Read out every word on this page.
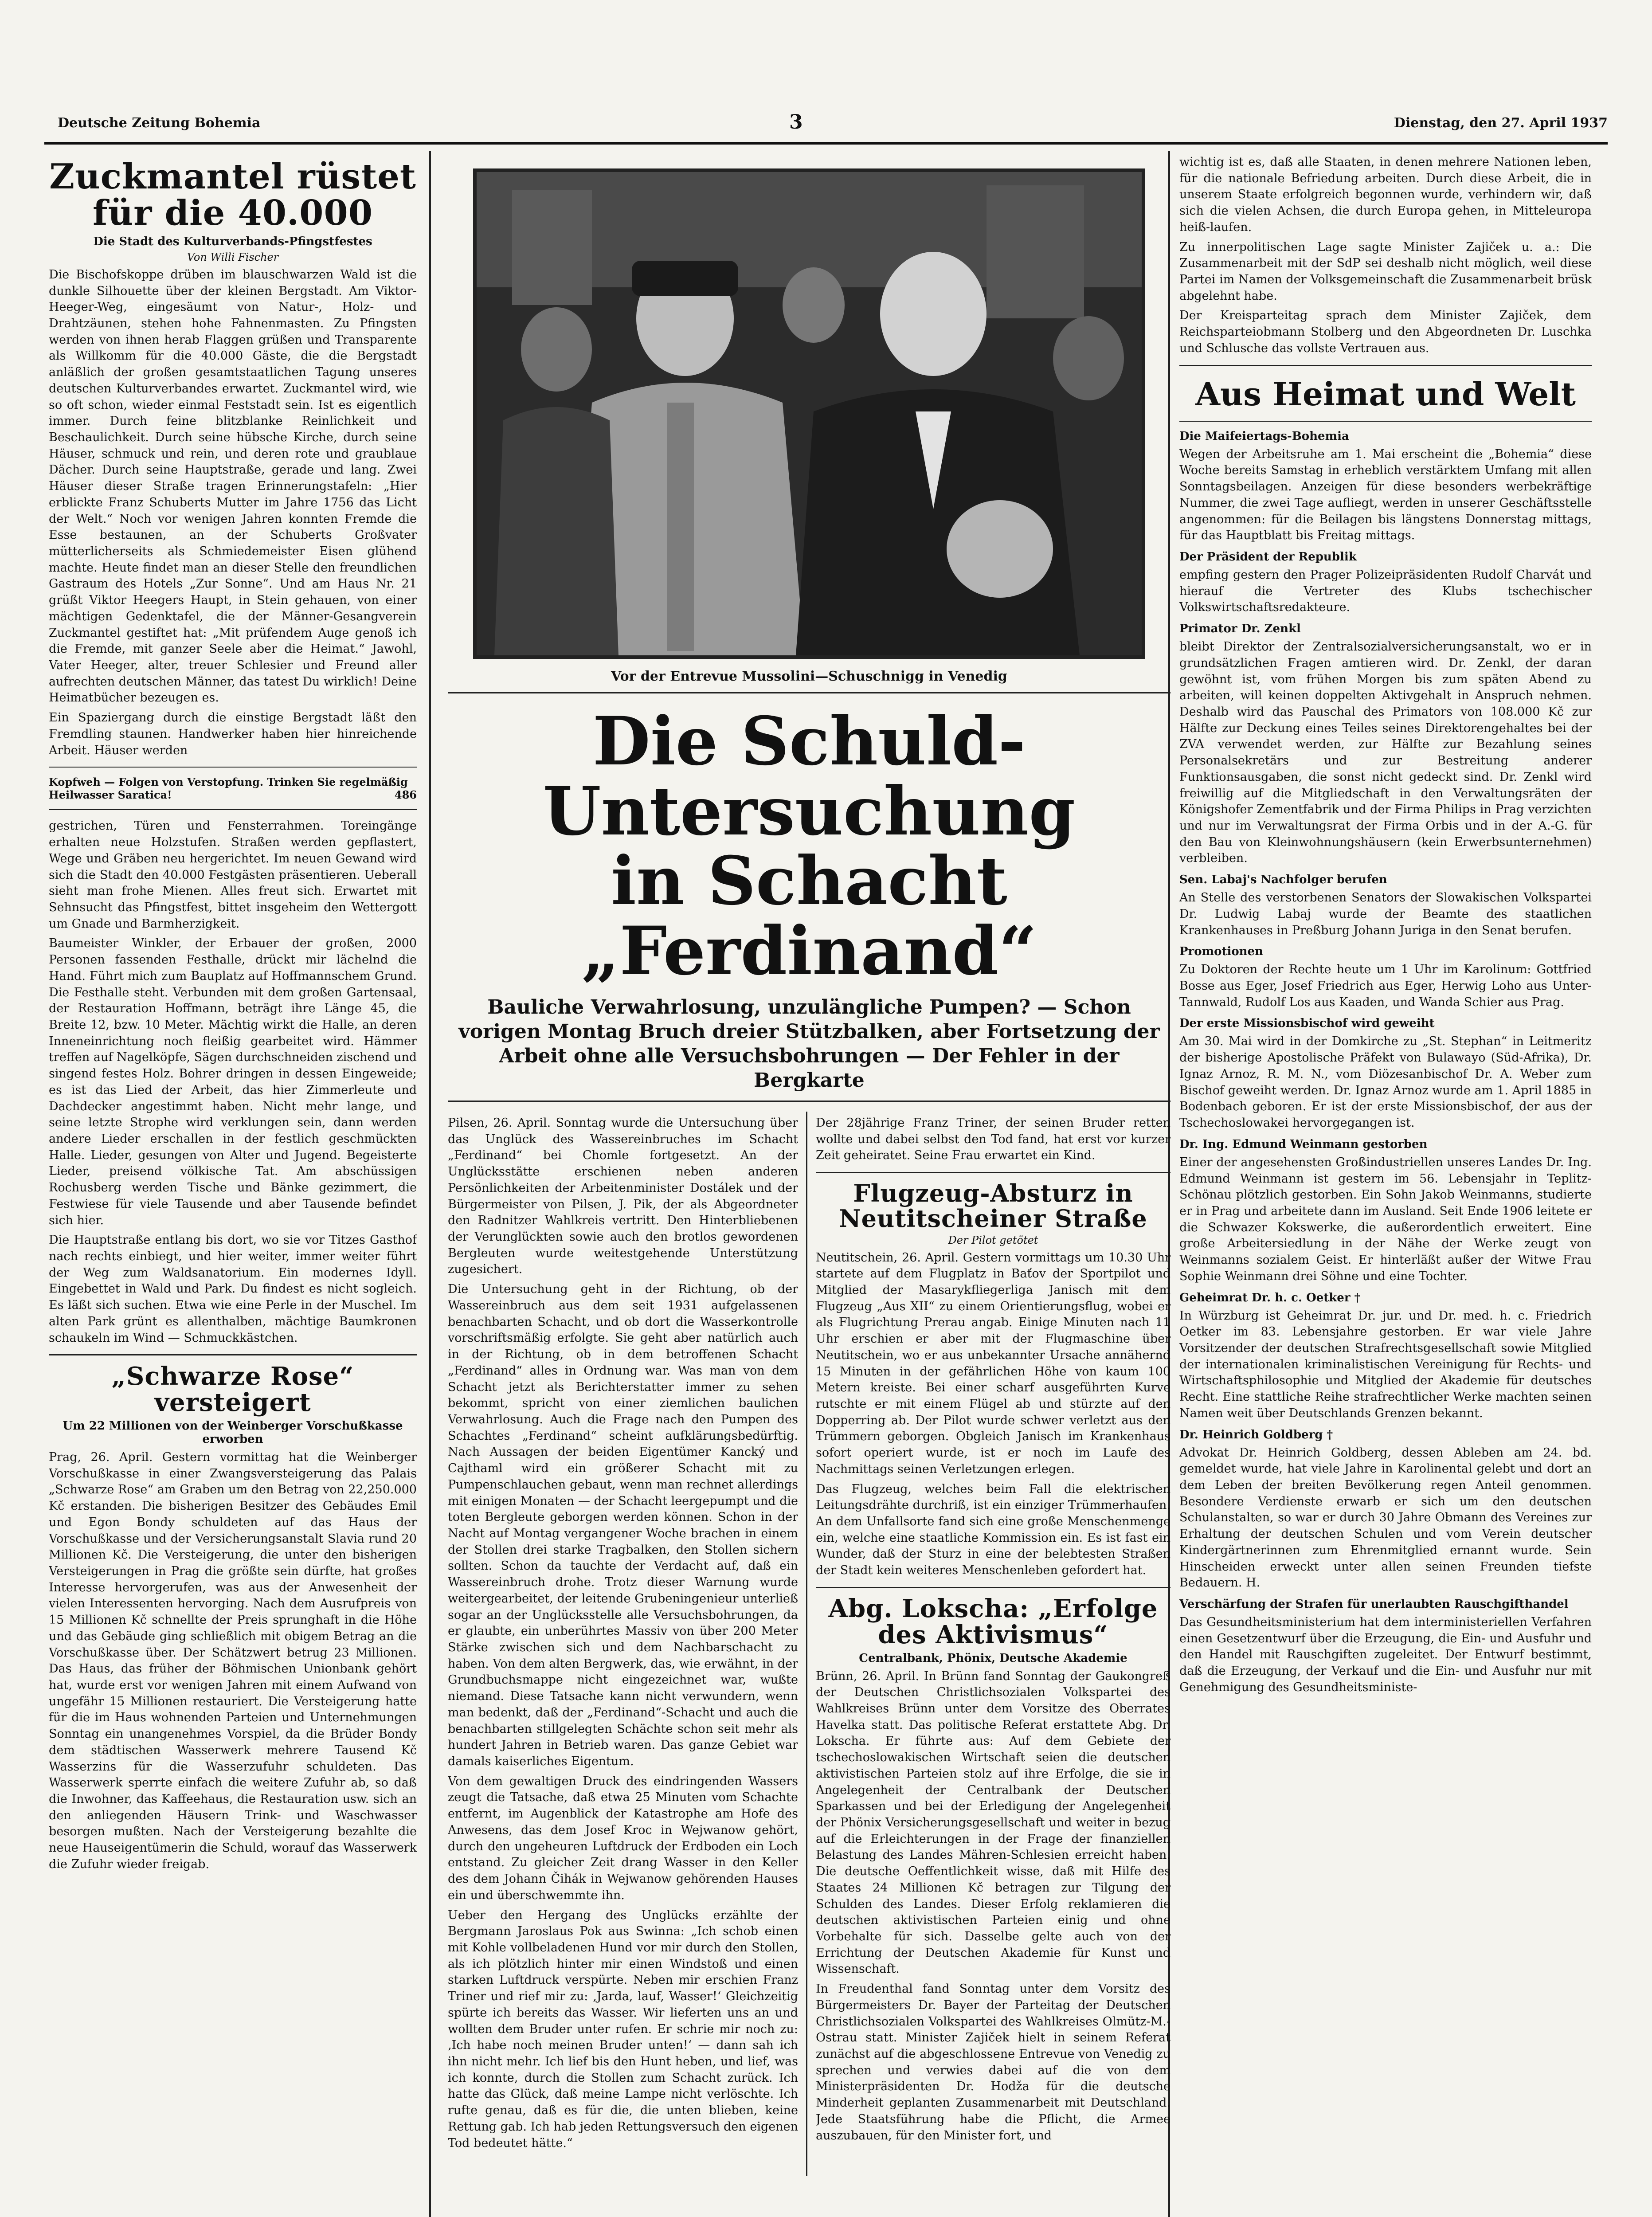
Deutsche Zeitung Bohemia	3	Dienstag, den 27. April 1937
Zuckmantel rüstet für die 40.000
Die Stadt des Kulturverbands-Pfingstfestes
Von Willi Fischer

Die Bischofskoppe drüben im blauschwarzen Wald ist die dunkle Silhouette über der kleinen Bergstadt. Am Viktor-Heeger-Weg, eingesäumt von Natur-, Holz- und Drahtzäunen, stehen hohe Fahnenmasten. Zu Pfingsten werden von ihnen herab Flaggen grüßen und Transparente als Willkomm für die 40.000 Gäste, die die Bergstadt anläßlich der großen gesamtstaatlichen Tagung unseres deutschen Kulturverbandes erwartet. Zuckmantel wird, wie so oft schon, wieder einmal Feststadt sein. Ist es eigentlich immer. Durch feine blitzblanke Reinlichkeit und Beschaulichkeit. Durch seine hübsche Kirche, durch seine Häuser, schmuck und rein, und deren rote und graublaue Dächer. Durch seine Hauptstraße, gerade und lang. Zwei Häuser dieser Straße tragen Erinnerungstafeln: „Hier erblickte Franz Schuberts Mutter im Jahre 1756 das Licht der Welt.“ Noch vor wenigen Jahren konnten Fremde die Esse bestaunen, an der Schuberts Großvater mütterlicherseits als Schmiedemeister Eisen glühend machte. Heute findet man an dieser Stelle den freundlichen Gastraum des Hotels „Zur Sonne“. Und am Haus Nr. 21 grüßt Viktor Heegers Haupt, in Stein gehauen, von einer mächtigen Gedenktafel, die der Männer-Gesangverein Zuckmantel gestiftet hat: „Mit prüfendem Auge genoß ich die Fremde, mit ganzer Seele aber die Heimat.“ Jawohl, Vater Heeger, alter, treuer Schlesier und Freund aller aufrechten deutschen Männer, das tatest Du wirklich! Deine Heimatbücher bezeugen es.

Ein Spaziergang durch die einstige Bergstadt läßt den Fremdling staunen. Handwerker haben hier hinreichende Arbeit. Häuser werden

Kopfweh — Folgen von Verstopfung. Trinken Sie regelmäßig Heilwasser Saratica!	486

gestrichen, Türen und Fensterrahmen. Toreingänge erhalten neue Holzstufen. Straßen werden gepflastert, Wege und Gräben neu hergerichtet. Im neuen Gewand wird sich die Stadt den 40.000 Festgästen präsentieren. Ueberall sieht man frohe Mienen. Alles freut sich. Erwartet mit Sehnsucht das Pfingstfest, bittet insgeheim den Wettergott um Gnade und Barmherzigkeit.

Baumeister Winkler, der Erbauer der großen, 2000 Personen fassenden Festhalle, drückt mir lächelnd die Hand. Führt mich zum Bauplatz auf Hoffmannschem Grund. Die Festhalle steht. Verbunden mit dem großen Gartensaal, der Restauration Hoffmann, beträgt ihre Länge 45, die Breite 12, bzw. 10 Meter. Mächtig wirkt die Halle, an deren Inneneinrichtung noch fleißig gearbeitet wird. Hämmer treffen auf Nagelköpfe, Sägen durchschneiden zischend und singend festes Holz. Bohrer dringen in dessen Eingeweide; es ist das Lied der Arbeit, das hier Zimmerleute und Dachdecker angestimmt haben. Nicht mehr lange, und seine letzte Strophe wird verklungen sein, dann werden andere Lieder erschallen in der festlich geschmückten Halle. Lieder, gesungen von Alter und Jugend. Begeisterte Lieder, preisend völkische Tat. Am abschüssigen Rochusberg werden Tische und Bänke gezimmert, die Festwiese für viele Tausende und aber Tausende befindet sich hier.

Die Hauptstraße entlang bis dort, wo sie vor Titzes Gasthof nach rechts einbiegt, und hier weiter, immer weiter führt der Weg zum Waldsanatorium. Ein modernes Idyll. Eingebettet in Wald und Park. Du findest es nicht sogleich. Es läßt sich suchen. Etwa wie eine Perle in der Muschel. Im alten Park grünt es allenthalben, mächtige Baumkronen schaukeln im Wind — Schmuckkästchen.

„Schwarze Rose“ versteigert
Um 22 Millionen von der Weinberger Vorschußkasse erworben

Prag, 26. April. Gestern vormittag hat die Weinberger Vorschußkasse in einer Zwangsversteigerung das Palais „Schwarze Rose“ am Graben um den Betrag von 22,250.000 Kč erstanden. Die bisherigen Besitzer des Gebäudes Emil und Egon Bondy schuldeten auf das Haus der Vorschußkasse und der Versicherungsanstalt Slavia rund 20 Millionen Kč. Die Versteigerung, die unter den bisherigen Versteigerungen in Prag die größte sein dürfte, hat großes Interesse hervorgerufen, was aus der Anwesenheit der vielen Interessenten hervorging. Nach dem Ausrufpreis von 15 Millionen Kč schnellte der Preis sprunghaft in die Höhe und das Gebäude ging schließlich mit obigem Betrag an die Vorschußkasse über. Der Schätzwert betrug 23 Millionen. Das Haus, das früher der Böhmischen Unionbank gehört hat, wurde erst vor wenigen Jahren mit einem Aufwand von ungefähr 15 Millionen restauriert. Die Versteigerung hatte für die im Haus wohnenden Parteien und Unternehmungen Sonntag ein unangenehmes Vorspiel, da die Brüder Bondy dem städtischen Wasserwerk mehrere Tausend Kč Wasserzins für die Wasserzufuhr schuldeten. Das Wasserwerk sperrte einfach die weitere Zufuhr ab, so daß die Inwohner, das Kaffeehaus, die Restauration usw. sich an den anliegenden Häusern Trink- und Waschwasser besorgen mußten. Nach der Versteigerung bezahlte die neue Hauseigentümerin die Schuld, worauf das Wasserwerk die Zufuhr wieder freigab.

Vor der Entrevue Mussolini—Schuschnigg in Venedig
Die Schuld-Untersuchung
in Schacht „Ferdinand“
Bauliche Verwahrlosung, unzulängliche Pumpen? — Schon vorigen Montag Bruch dreier Stützbalken, aber Fortsetzung der Arbeit ohne alle Versuchsbohrungen — Der Fehler in der Bergkarte

Pilsen, 26. April. Sonntag wurde die Untersuchung über das Unglück des Wassereinbruches im Schacht „Ferdinand“ bei Chomle fortgesetzt. An der Unglücksstätte erschienen neben anderen Persönlichkeiten der Arbeitenminister Dostálek und der Bürgermeister von Pilsen, J. Pik, der als Abgeordneter den Radnitzer Wahlkreis vertritt. Den Hinterbliebenen der Verunglückten sowie auch den brotlos gewordenen Bergleuten wurde weitestgehende Unterstützung zugesichert.

Die Untersuchung geht in der Richtung, ob der Wassereinbruch aus dem seit 1931 aufgelassenen benachbarten Schacht, und ob dort die Wasserkontrolle vorschriftsmäßig erfolgte. Sie geht aber natürlich auch in der Richtung, ob in dem betroffenen Schacht „Ferdinand“ alles in Ordnung war. Was man von dem Schacht jetzt als Berichterstatter immer zu sehen bekommt, spricht von einer ziemlichen baulichen Verwahrlosung. Auch die Frage nach den Pumpen des Schachtes „Ferdinand“ scheint aufklärungsbedürftig. Nach Aussagen der beiden Eigentümer Kancký und Cajthaml wird ein größerer Schacht mit zu Pumpenschlauchen gebaut, wenn man rechnet allerdings mit einigen Monaten — der Schacht leergepumpt und die toten Bergleute geborgen werden können. Schon in der Nacht auf Montag vergangener Woche brachen in einem der Stollen drei starke Tragbalken, den Stollen sichern sollten. Schon da tauchte der Verdacht auf, daß ein Wassereinbruch drohe. Trotz dieser Warnung wurde weitergearbeitet, der leitende Grubeningenieur unterließ sogar an der Unglücksstelle alle Versuchsbohrungen, da er glaubte, ein unberührtes Massiv von über 200 Meter Stärke zwischen sich und dem Nachbarschacht zu haben. Von dem alten Bergwerk, das, wie erwähnt, in der Grundbuchsmappe nicht eingezeichnet war, wußte niemand. Diese Tatsache kann nicht verwundern, wenn man bedenkt, daß der „Ferdinand“-Schacht und auch die benachbarten stillgelegten Schächte schon seit mehr als hundert Jahren in Betrieb waren. Das ganze Gebiet war damals kaiserliches Eigentum.

Von dem gewaltigen Druck des eindringenden Wassers zeugt die Tatsache, daß etwa 25 Minuten vom Schachte entfernt, im Augenblick der Katastrophe am Hofe des Anwesens, das dem Josef Kroc in Wejwanow gehört, durch den ungeheuren Luftdruck der Erdboden ein Loch entstand. Zu gleicher Zeit drang Wasser in den Keller des dem Johann Čihák in Wejwanow gehörenden Hauses ein und überschwemmte ihn.

Ueber den Hergang des Unglücks erzählte der Bergmann Jaroslaus Pok aus Swinna: „Ich schob einen mit Kohle vollbeladenen Hund vor mir durch den Stollen, als ich plötzlich hinter mir einen Windstoß und einen starken Luftdruck verspürte. Neben mir erschien Franz Triner und rief mir zu: ‚Jarda, lauf, Wasser!‘ Gleichzeitig spürte ich bereits das Wasser. Wir lieferten uns an und wollten dem Bruder unter rufen. Er schrie mir noch zu: ‚Ich habe noch meinen Bruder unten!‘ — dann sah ich ihn nicht mehr. Ich lief bis den Hunt heben, und lief, was ich konnte, durch die Stollen zum Schacht zurück. Ich hatte das Glück, daß meine Lampe nicht verlöschte. Ich rufte genau, daß es für die, die unten blieben, keine Rettung gab. Ich hab jeden Rettungsversuch den eigenen Tod bedeutet hätte.“

Der 28jährige Franz Triner, der seinen Bruder retten wollte und dabei selbst den Tod fand, hat erst vor kurzer Zeit geheiratet. Seine Frau erwartet ein Kind.

Flugzeug-Absturz in Neutitscheiner Straße
Der Pilot getötet

Neutitschein, 26. April. Gestern vormittags um 10.30 Uhr startete auf dem Flugplatz in Baťov der Sportpilot und Mitglied der Masarykfliegerliga Janisch mit dem Flugzeug „Aus XII“ zu einem Orientierungsflug, wobei er als Flugrichtung Prerau angab. Einige Minuten nach 11 Uhr erschien er aber mit der Flugmaschine über Neutitschein, wo er aus unbekannter Ursache annähernd 15 Minuten in der gefährlichen Höhe von kaum 100 Metern kreiste. Bei einer scharf ausgeführten Kurve rutschte er mit einem Flügel ab und stürzte auf den Dopperring ab. Der Pilot wurde schwer verletzt aus den Trümmern geborgen. Obgleich Janisch im Krankenhaus sofort operiert wurde, ist er noch im Laufe des Nachmittags seinen Verletzungen erlegen.

Das Flugzeug, welches beim Fall die elektrischen Leitungsdrähte durchriß, ist ein einziger Trümmerhaufen. An dem Unfallsorte fand sich eine große Menschenmenge ein, welche eine staatliche Kommission ein. Es ist fast ein Wunder, daß der Sturz in eine der belebtesten Straßen der Stadt kein weiteres Menschenleben gefordert hat.

Abg. Lokscha: „Erfolge des Aktivismus“
Centralbank, Phönix, Deutsche Akademie

Brünn, 26. April. In Brünn fand Sonntag der Gaukongreß der Deutschen Christlichsozialen Volkspartei des Wahlkreises Brünn unter dem Vorsitze des Oberrates Havelka statt. Das politische Referat erstattete Abg. Dr. Lokscha. Er führte aus: Auf dem Gebiete der tschechoslowakischen Wirtschaft seien die deutschen aktivistischen Parteien stolz auf ihre Erfolge, die sie in Angelegenheit der Centralbank der Deutschen Sparkassen und bei der Erledigung der Angelegenheit der Phönix Versicherungsgesellschaft und weiter in bezug auf die Erleichterungen in der Frage der finanziellen Belastung des Landes Mähren-Schlesien erreicht haben. Die deutsche Oeffentlichkeit wisse, daß mit Hilfe des Staates 24 Millionen Kč betragen zur Tilgung der Schulden des Landes. Dieser Erfolg reklamieren die deutschen aktivistischen Parteien einig und ohne Vorbehalte für sich. Dasselbe gelte auch von der Errichtung der Deutschen Akademie für Kunst und Wissenschaft.

In Freudenthal fand Sonntag unter dem Vorsitz des Bürgermeisters Dr. Bayer der Parteitag der Deutschen Christlichsozialen Volkspartei des Wahlkreises Olmütz-M.-Ostrau statt. Minister Zajiček hielt in seinem Referat zunächst auf die abgeschlossene Entrevue von Venedig zu sprechen und verwies dabei auf die von dem Ministerpräsidenten Dr. Hodža für die deutsche Minderheit geplanten Zusammenarbeit mit Deutschland. Jede Staatsführung habe die Pflicht, die Armee auszubauen, für den Minister fort, und

wichtig ist es, daß alle Staaten, in denen mehrere Nationen leben, für die nationale Befriedung arbeiten. Durch diese Arbeit, die in unserem Staate erfolgreich begonnen wurde, verhindern wir, daß sich die vielen Achsen, die durch Europa gehen, in Mitteleuropa heiß-laufen.

Zu innerpolitischen Lage sagte Minister Zajiček u. a.: Die Zusammenarbeit mit der SdP sei deshalb nicht möglich, weil diese Partei im Namen der Volksgemeinschaft die Zusammenarbeit brüsk abgelehnt habe.

Der Kreisparteitag sprach dem Minister Zajiček, dem Reichsparteiobmann Stolberg und den Abgeordneten Dr. Luschka und Schlusche das vollste Vertrauen aus.

Aus Heimat und Welt
Die Maifeiertags-Bohemia

Wegen der Arbeitsruhe am 1. Mai erscheint die „Bohemia“ diese Woche bereits Samstag in erheblich verstärktem Umfang mit allen Sonntagsbeilagen. Anzeigen für diese besonders werbekräftige Nummer, die zwei Tage aufliegt, werden in unserer Geschäftsstelle angenommen: für die Beilagen bis längstens Donnerstag mittags, für das Hauptblatt bis Freitag mittags.

Der Präsident der Republik

empfing gestern den Prager Polizeipräsidenten Rudolf Charvát und hierauf die Vertreter des Klubs tschechischer Volkswirtschaftsredakteure.

Primator Dr. Zenkl

bleibt Direktor der Zentralsozialversicherungsanstalt, wo er in grundsätzlichen Fragen amtieren wird. Dr. Zenkl, der daran gewöhnt ist, vom frühen Morgen bis zum späten Abend zu arbeiten, will keinen doppelten Aktivgehalt in Anspruch nehmen. Deshalb wird das Pauschal des Primators von 108.000 Kč zur Hälfte zur Deckung eines Teiles seines Direktorengehaltes bei der ZVA verwendet werden, zur Hälfte zur Bezahlung seines Personalsekretärs und zur Bestreitung anderer Funktionsausgaben, die sonst nicht gedeckt sind. Dr. Zenkl wird freiwillig auf die Mitgliedschaft in den Verwaltungsräten der Königshofer Zementfabrik und der Firma Philips in Prag verzichten und nur im Verwaltungsrat der Firma Orbis und in der A.-G. für den Bau von Kleinwohnungshäusern (kein Erwerbsunternehmen) verbleiben.

Sen. Labaj's Nachfolger berufen

An Stelle des verstorbenen Senators der Slowakischen Volkspartei Dr. Ludwig Labaj wurde der Beamte des staatlichen Krankenhauses in Preßburg Johann Juriga in den Senat berufen.

Promotionen

Zu Doktoren der Rechte heute um 1 Uhr im Karolinum: Gottfried Bosse aus Eger, Josef Friedrich aus Eger, Herwig Loho aus Unter-Tannwald, Rudolf Los aus Kaaden, und Wanda Schier aus Prag.

Der erste Missionsbischof wird geweiht

Am 30. Mai wird in der Domkirche zu „St. Stephan“ in Leitmeritz der bisherige Apostolische Präfekt von Bulawayo (Süd-Afrika), Dr. Ignaz Arnoz, R. M. N., vom Diözesanbischof Dr. A. Weber zum Bischof geweiht werden. Dr. Ignaz Arnoz wurde am 1. April 1885 in Bodenbach geboren. Er ist der erste Missionsbischof, der aus der Tschechoslowakei hervorgegangen ist.

Dr. Ing. Edmund Weinmann gestorben

Einer der angesehensten Großindustriellen unseres Landes Dr. Ing. Edmund Weinmann ist gestern im 56. Lebensjahr in Teplitz-Schönau plötzlich gestorben. Ein Sohn Jakob Weinmanns, studierte er in Prag und arbeitete dann im Ausland. Seit Ende 1906 leitete er die Schwazer Kokswerke, die außerordentlich erweitert. Eine große Arbeitersiedlung in der Nähe der Werke zeugt von Weinmanns sozialem Geist. Er hinterläßt außer der Witwe Frau Sophie Weinmann drei Söhne und eine Tochter.

Geheimrat Dr. h. c. Oetker †

In Würzburg ist Geheimrat Dr. jur. und Dr. med. h. c. Friedrich Oetker im 83. Lebensjahre gestorben. Er war viele Jahre Vorsitzender der deutschen Strafrechtsgesellschaft sowie Mitglied der internationalen kriminalistischen Vereinigung für Rechts- und Wirtschaftsphilosophie und Mitglied der Akademie für deutsches Recht. Eine stattliche Reihe strafrechtlicher Werke machten seinen Namen weit über Deutschlands Grenzen bekannt.

Dr. Heinrich Goldberg †

Advokat Dr. Heinrich Goldberg, dessen Ableben am 24. bd. gemeldet wurde, hat viele Jahre in Karolinental gelebt und dort an dem Leben der breiten Bevölkerung regen Anteil genommen. Besondere Verdienste erwarb er sich um den deutschen Schulanstalten, so war er durch 30 Jahre Obmann des Vereines zur Erhaltung der deutschen Schulen und vom Verein deutscher Kindergärtnerinnen zum Ehrenmitglied ernannt wurde. Sein Hinscheiden erweckt unter allen seinen Freunden tiefste Bedauern. H.

Verschärfung der Strafen für unerlaubten Rauschgifthandel

Das Gesundheitsministerium hat dem interministeriellen Verfahren einen Gesetzentwurf über die Erzeugung, die Ein- und Ausfuhr und den Handel mit Rauschgiften zugeleitet. Der Entwurf bestimmt, daß die Erzeugung, der Verkauf und die Ein- und Ausfuhr nur mit Genehmigung des Gesundheitsministe-
